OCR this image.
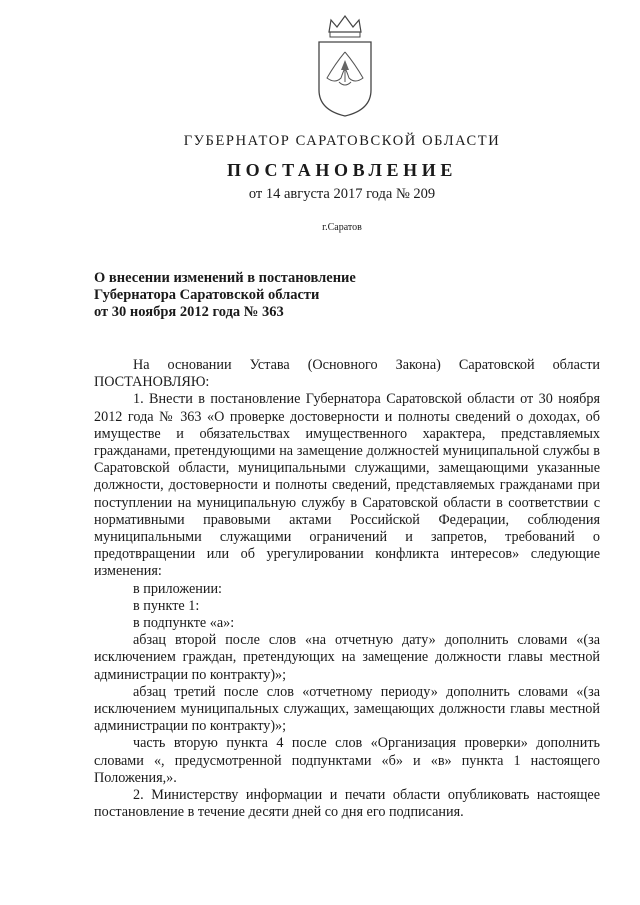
ГУБЕРНАТОР САРАТОВСКОЙ ОБЛАСТИ
ПОСТАНОВЛЕНИЕ
от 14 августа 2017 года № 209
г.Саратов
О внесении изменений в постановление
Губернатора Саратовской области
от 30 ноября 2012 года № 363

На основании Устава (Основного Закона) Саратовской области ПОСТАНОВЛЯЮ:

1. Внести в постановление Губернатора Саратовской области от 30 ноября 2012 года № 363 «О проверке достоверности и полноты сведений о доходах, об имуществе и обязательствах имущественного характера, представляемых гражданами, претендующими на замещение должностей муниципальной службы в Саратовской области, муниципальными служащими, замещающими указанные должности, достоверности и полноты сведений, представляемых гражданами при поступлении на муниципальную службу в Саратовской области в соответствии с нормативными правовыми актами Российской Федерации, соблюдения муниципальными служащими ограничений и запретов, требований о предотвращении или об урегулировании конфликта интересов» следующие изменения:

в приложении:

в пункте 1:

в подпункте «а»:

абзац второй после слов «на отчетную дату» дополнить словами «(за исключением граждан, претендующих на замещение должности главы местной администрации по контракту)»;

абзац третий после слов «отчетному периоду» дополнить словами «(за исключением муниципальных служащих, замещающих должности главы местной администрации по контракту)»;

часть вторую пункта 4 после слов «Организация проверки» дополнить словами «, предусмотренной подпунктами «б» и «в» пункта 1 настоящего Положения,».

2. Министерству информации и печати области опубликовать настоящее постановление в течение десяти дней со дня его подписания.
